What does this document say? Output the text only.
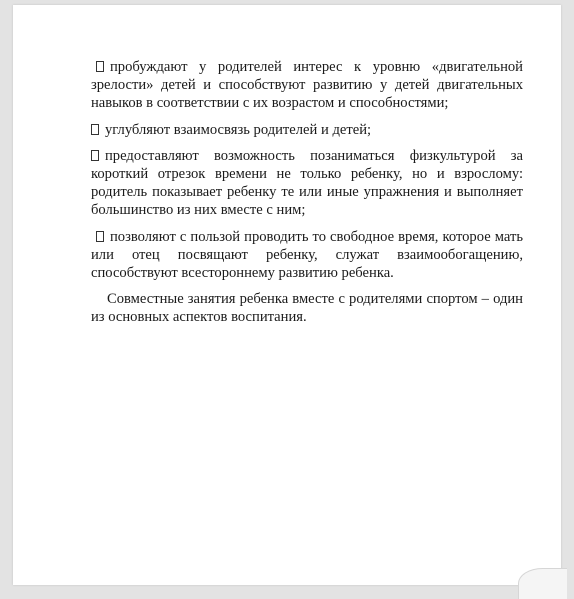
пробуждают у родителей интерес к уровню «двигательной зрелости» детей и способствуют развитию у детей двигательных навыков в соответствии с их возрастом и способностями;

углубляют взаимосвязь родителей и детей;

предоставляют возможность позаниматься физкультурой за короткий отрезок времени не только ребенку, но и взрослому: родитель показывает ребенку те или иные упражнения и выполняет большинство из них вместе с ним;

позволяют с пользой проводить то свободное время, которое мать или отец посвящают ребенку, служат взаимообогащению, способствуют всестороннему развитию ребенка.

Совместные занятия ребенка вместе с родителями спортом – один из основных аспектов воспитания.
